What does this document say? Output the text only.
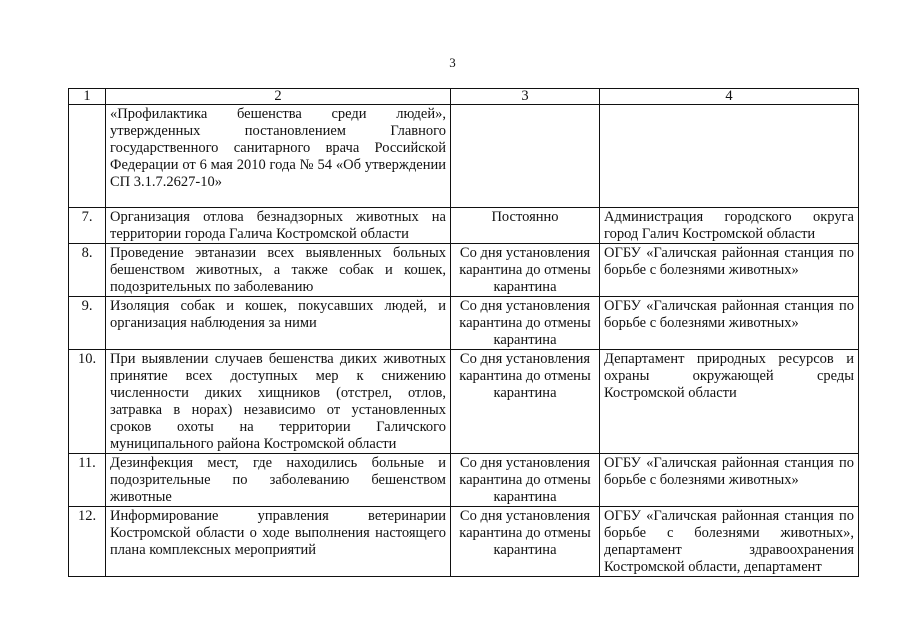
3
1	2	3	4
	«Профилактика бешенства среди людей», утвержденных постановлением Главного государственного санитарного врача Российской Федерации от 6 мая 2010 года № 54 «Об утверждении СП 3.1.7.2627-10»		
7.	Организация отлова безнадзорных животных на территории города Галича Костромской области	Постоянно	Администрация городского округа город Галич Костромской области
8.	Проведение эвтаназии всех выявленных больных бешенством животных, а также собак и кошек, подозрительных по заболеванию	Со дня установления карантина до отмены карантина	ОГБУ «Галичская районная станция по борьбе с болезнями животных»
9.	Изоляция собак и кошек, покусавших людей, и организация наблюдения за ними	Со дня установления карантина до отмены карантина	ОГБУ «Галичская районная станция по борьбе с болезнями животных»
10.	При выявлении случаев бешенства диких животных принятие всех доступных мер к снижению численности диких хищников (отстрел, отлов, затравка в норах) независимо от установленных сроков охоты на территории Галичского муниципального района Костромской области	Со дня установления карантина до отмены карантина	Департамент природных ресурсов и охраны окружающей среды Костромской области
11.	Дезинфекция мест, где находились больные и подозрительные по заболеванию бешенством животные	Со дня установления карантина до отмены карантина	ОГБУ «Галичская районная станция по борьбе с болезнями животных»
12.	Информирование управления ветеринарии Костромской области о ходе выполнения настоящего плана комплексных мероприятий	Со дня установления карантина до отмены карантина	ОГБУ «Галичская районная станция по борьбе с болезнями животных», департамент здравоохранения Костромской области, департамент
